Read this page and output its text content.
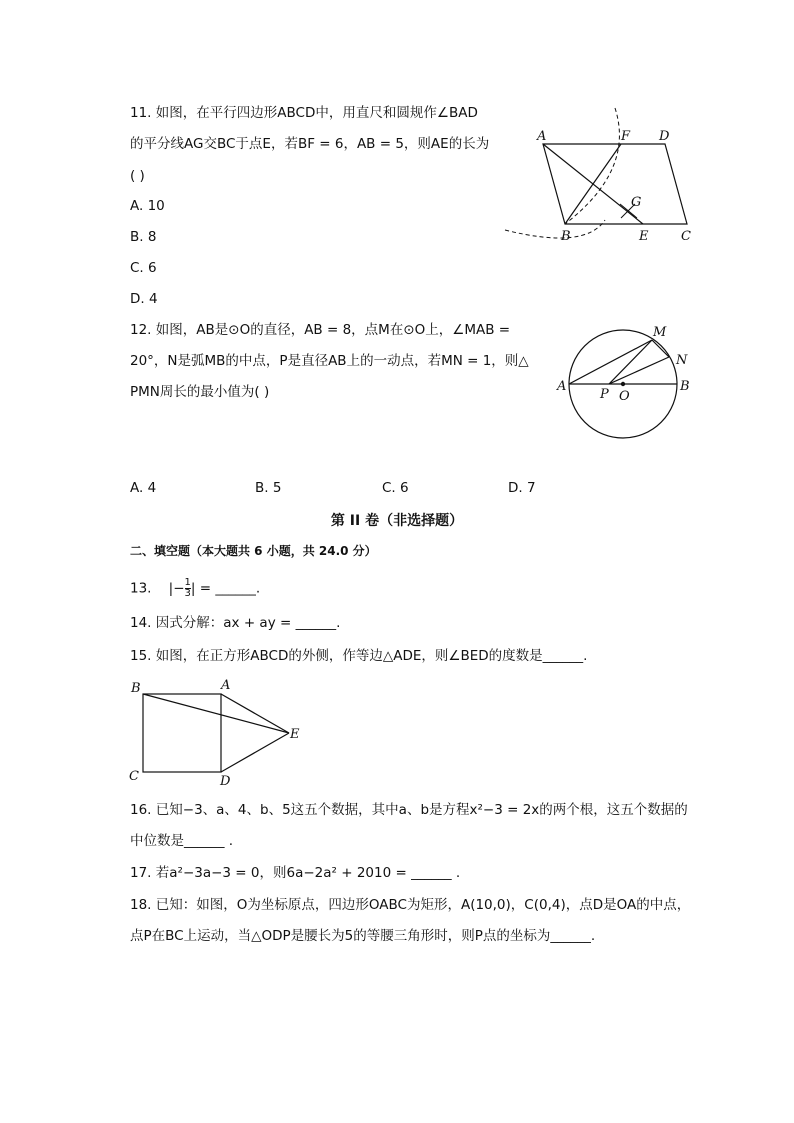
11. 如图，在平行四边形ABCD中，用直尺和圆规作∠BAD
的平分线AG交BC于点E，若BF = 6，AB = 5，则AE的长为
( )
A. 10
B. 8
C. 6
D. 4
A	F D
G
B	E	C
12. 如图，AB是⊙O的直径，AB = 8，点M在⊙O上，∠MAB =
20°，N是弧MB的中点，P是直径AB上的一动点，若MN = 1，则△
PMN周长的最小值为( )
M
N
A	B
P O
A. 4	B. 5	C. 6	D. 7
第 II 卷（非选择题）
二、填空题（本大题共 6 小题，共 24.0 分）
13. |− $\frac{1}{3}$ | = ______.
14. 因式分解：ax + ay = ______.
15. 如图，在正方形ABCD的外侧，作等边△ADE，则∠BED的度数是______.
B	A
E
C	D
16. 已知−3、a、4、b、5这五个数据，其中a、b是方程x²−3 = 2x的两个根，这五个数据的
中位数是______ .
17. 若a²−3a−3 = 0，则6a−2a² + 2010 = ______ .
18. 已知：如图，O为坐标原点，四边形OABC为矩形，A(10,0)，C(0,4)，点D是OA的中点，
点P在BC上运动，当△ODP是腰长为5的等腰三角形时，则P点的坐标为______.
